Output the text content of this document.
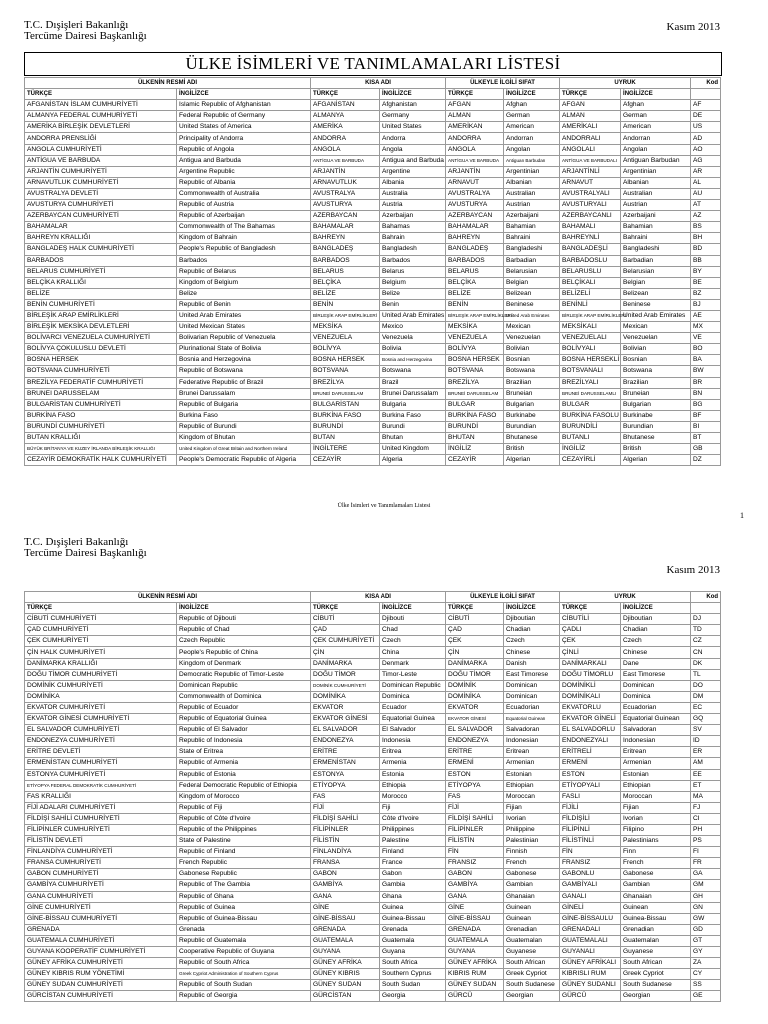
T.C. Dışişleri Bakanlığı
Tercüme Dairesi Başkanlığı
Kasım 2013
ÜLKE İSİMLERİ VE TANIMLAMALARI LİSTESİ
ÜLKENİN RESMİ ADI		KISA ADI		ÜLKEYLE İLGİLİ SIFAT		UYRUK		Kod
TÜRKÇE	İNGİLİZCE	TÜRKÇE	İNGİLİZCE	TÜRKÇE	İNGİLİZCE	TÜRKÇE	İNGİLİZCE	
AFGANİSTAN İSLAM CUMHURİYETİ	Islamic Republic of Afghanistan	AFGANİSTAN	Afghanistan	AFGAN	Afghan	AFGAN	Afghan	AF
ALMANYA FEDERAL CUMHURİYETİ	Federal Republic of Germany	ALMANYA	Germany	ALMAN	German	ALMAN	German	DE
AMERİKA BİRLEŞİK DEVLETLERİ	United States of America	AMERİKA	United States	AMERİKAN	American	AMERİKALI	American	US
ANDORRA PRENSLİĞİ	Principality of Andorra	ANDORRA	Andorra	ANDORRA	Andorran	ANDORRALI	Andorran	AD
ANGOLA CUMHURİYETİ	Republic of Angola	ANGOLA	Angola	ANGOLA	Angolan	ANGOLALI	Angolan	AO
ANTİGUA VE BARBUDA	Antigua and Barbuda	ANTİGUA VE BARBUDA	Antigua and Barbuda	ANTİGUA VE BARBUDA	Antiguan Barbudan	ANTİGUA VE BARBUDALI	Antiguan Barbudan	AG
ARJANTİN CUMHURİYETİ	Argentine Republic	ARJANTİN	Argentine	ARJANTİN	Argentinian	ARJANTİNLİ	Argentinian	AR
ARNAVUTLUK CUMHURİYETİ	Republic of Albania	ARNAVUTLUK	Albania	ARNAVUT	Albanian	ARNAVUT	Albanian	AL
AVUSTRALYA DEVLETİ	Commonwealth of Australia	AVUSTRALYA	Australia	AVUSTRALYA	Australian	AVUSTRALYALI	Australian	AU
AVUSTURYA CUMHURİYETİ	Republic of Austria	AVUSTURYA	Austria	AVUSTURYA	Austrian	AVUSTURYALI	Austrian	AT
AZERBAYCAN CUMHURİYETİ	Republic of Azerbaijan	AZERBAYCAN	Azerbaijan	AZERBAYCAN	Azerbaijani	AZERBAYCANLI	Azerbaijani	AZ
BAHAMALAR	Commonwealth of The Bahamas	BAHAMALAR	Bahamas	BAHAMALAR	Bahamian	BAHAMALI	Bahamian	BS
BAHREYN KRALLIĞI	Kingdom of Bahrain	BAHREYN	Bahrain	BAHREYN	Bahraini	BAHREYNLİ	Bahraini	BH
BANGLADEŞ HALK CUMHURİYETİ	People's Republic of Bangladesh	BANGLADEŞ	Bangladesh	BANGLADEŞ	Bangladeshi	BANGLADEŞLİ	Bangladeshi	BD
BARBADOS	Barbados	BARBADOS	Barbados	BARBADOS	Barbadian	BARBADOSLU	Barbadian	BB
BELARUS CUMHURİYETİ	Republic of Belarus	BELARUS	Belarus	BELARUS	Belarusian	BELARUSLU	Belarusian	BY
BELÇİKA KRALLIĞI	Kingdom of Belgium	BELÇİKA	Belgium	BELÇİKA	Belgian	BELÇİKALI	Belgian	BE
BELİZE	Belize	BELİZE	Belize	BELİZE	Belizean	BELİZELİ	Belizean	BZ
BENİN CUMHURİYETİ	Republic of Benin	BENİN	Benin	BENİN	Beninese	BENİNLİ	Beninese	BJ
BİRLEŞİK ARAP EMİRLİKLERİ	United Arab Emirates	BİRLEŞİK ARAP EMİRLİKLERİ	United Arab Emirates	BİRLEŞİK ARAP EMİRLİKLERİ	United Arab Emirates	BİRLEŞİK ARAP EMİRLİKLERİ	United Arab Emirates	AE
BİRLEŞİK MEKSİKA DEVLETLERİ	United Mexican States	MEKSİKA	Mexico	MEKSİKA	Mexican	MEKSİKALI	Mexican	MX
BOLİVARCI VENEZUELA CUMHURİYETİ	Bolivarian Republic of Venezuela	VENEZUELA	Venezuela	VENEZUELA	Venezuelan	VENEZUELALI	Venezuelan	VE
BOLİVYA ÇOKULUSLU DEVLETİ	Plurinational State of Bolivia	BOLİVYA	Bolivia	BOLİVYA	Bolivian	BOLİVYALI	Bolivian	BO
BOSNA HERSEK	Bosnia and Herzegovina	BOSNA HERSEK	Bosnia and Herzegovina	BOSNA HERSEK	Bosnian	BOSNA HERSEKLİ	Bosnian	BA
BOTSVANA CUMHURİYETİ	Republic of Botswana	BOTSVANA	Botswana	BOTSVANA	Botswana	BOTSVANALI	Botswana	BW
BREZİLYA FEDERATİF CUMHURİYETİ	Federative Republic of Brazil	BREZİLYA	Brazil	BREZİLYA	Brazilian	BREZİLYALI	Brazilian	BR
BRUNEI DARUSSELAM	Brunei Darussalam	BRUNEİ DARUSSELAM	Brunei Darussalam	BRUNEİ DARUSSELAM	Bruneian	BRUNEİ DARUSSELAMLI	Bruneian	BN
BULGARİSTAN CUMHURİYETİ	Republic of Bulgaria	BULGARİSTAN	Bulgaria	BULGAR	Bulgarian	BULGAR	Bulgarian	BG
BURKİNA FASO	Burkina Faso	BURKİNA FASO	Burkina Faso	BURKİNA FASO	Burkinabe	BURKİNA FASOLU	Burkinabe	BF
BURUNDİ CUMHURİYETİ	Republic of Burundi	BURUNDİ	Burundi	BURUNDİ	Burundian	BURUNDİLİ	Burundian	BI
BUTAN KRALLIĞI	Kingdom of Bhutan	BUTAN	Bhutan	BHUTAN	Bhutanese	BUTANLI	Bhutanese	BT
BÜYÜK BRİTANYA VE KUZEY İRLANDA BİRLEŞİK KRALLIĞI	United Kingdom of Great Britain and Northern Ireland	İNGİLTERE	United Kingdom	İNGİLİZ	British	İNGİLİZ	British	GB
CEZAYİR DEMOKRATİK HALK CUMHURİYETİ	People's Democratic Republic of Algeria	CEZAYİR	Algeria	CEZAYİR	Algerian	CEZAYİRLİ	Algerian	DZ
Ülke İsimleri ve Tanımlamaları Listesi
1
T.C. Dışişleri Bakanlığı
Tercüme Dairesi Başkanlığı
Kasım 2013
ÜLKENİN RESMİ ADI		KISA ADI		ÜLKEYLE İLGİLİ SIFAT		UYRUK		Kod
TÜRKÇE	İNGİLİZCE	TÜRKÇE	İNGİLİZCE	TÜRKÇE	İNGİLİZCE	TÜRKÇE	İNGİLİZCE	
CİBUTİ CUMHURİYETİ	Republic of Djibouti	CİBUTİ	Djibouti	CİBUTİ	Djiboutian	CİBUTİLİ	Djiboutian	DJ
ÇAD CUMHURİYETİ	Republic of Chad	ÇAD	Chad	ÇAD	Chadian	ÇADLI	Chadian	TD
ÇEK CUMHURİYETİ	Czech Republic	ÇEK CUMHURİYETİ	Czech	ÇEK	Czech	ÇEK	Czech	CZ
ÇİN HALK CUMHURİYETİ	People's Republic of China	ÇİN	China	ÇİN	Chinese	ÇİNLİ	Chinese	CN
DANİMARKA KRALLIĞI	Kingdom of Denmark	DANİMARKA	Denmark	DANİMARKA	Danish	DANİMARKALI	Dane	DK
DOĞU TİMOR CUMHURİYETİ	Democratic Republic of Timor-Leste	DOĞU TİMOR	Timor-Leste	DOĞU TİMOR	East Timorese	DOĞU TİMORLU	East Timorese	TL
DOMİNİK CUMHURİYETİ	Dominican Republic	DOMİNİK CUMHURİYETİ	Dominican Republic	DOMİNİK	Dominican	DOMİNİKLİ	Dominican	DO
DOMİNİKA	Commonwealth of Dominica	DOMİNİKA	Dominica	DOMİNİKA	Dominican	DOMİNİKALI	Dominica	DM
EKVATOR CUMHURİYETİ	Republic of Ecuador	EKVATOR	Ecuador	EKVATOR	Ecuadorian	EKVATORLU	Ecuadorian	EC
EKVATOR GİNESİ CUMHURİYETİ	Republic of Equatorial Guinea	EKVATOR GİNESİ	Equatorial Guinea	EKVATOR GİNESİ	Equatorial Guinean	EKVATOR GİNELİ	Equatorial Guinean	GQ
EL SALVADOR CUMHURİYETİ	Republic of El Salvador	EL SALVADOR	El Salvador	EL SALVADOR	Salvadoran	EL SALVADORLU	Salvadoran	SV
ENDONEZYA CUMHURİYETİ	Republic of Indonesia	ENDONEZYA	Indonesia	ENDONEZYA	Indonesian	ENDONEZYALI	Indonesian	ID
ERİTRE DEVLETİ	State of Eritrea	ERİTRE	Eritrea	ERİTRE	Eritrean	ERİTRELİ	Eritrean	ER
ERMENİSTAN CUMHURİYETİ	Republic of Armenia	ERMENİSTAN	Armenia	ERMENİ	Armenian	ERMENİ	Armenian	AM
ESTONYA CUMHURİYETİ	Republic of Estonia	ESTONYA	Estonia	ESTON	Estonian	ESTON	Estonian	EE
ETİYOPYA FEDERAL DEMOKRATİK CUMHURİYETİ	Federal Democratic Republic of Ethiopia	ETİYOPYA	Ethiopia	ETİYOPYA	Ethiopian	ETİYOPYALI	Ethiopian	ET
FAS KRALLIĞI	Kingdom of Morocco	FAS	Morocco	FAS	Moroccan	FASLI	Moroccan	MA
FİJİ ADALARI CUMHURİYETİ	Republic of Fiji	FİJİ	Fiji	FİJİ	Fijian	FİJİLİ	Fijian	FJ
FİLDİŞİ SAHİLİ CUMHURİYETİ	Republic of Côte d'Ivoire	FİLDİŞİ SAHİLİ	Côte d'Ivoire	FİLDİŞİ SAHİLİ	Ivorian	FİLDİŞİLİ	Ivorian	CI
FİLİPİNLER CUMHURİYETİ	Republic of the Philippines	FİLİPİNLER	Philippines	FİLİPİNLER	Philippine	FİLİPİNLİ	Filipino	PH
FİLİSTİN DEVLETİ	State of Palestine	FİLİSTİN	Palestine	FİLİSTİN	Palestinian	FİLİSTİNLİ	Palestinians	PS
FİNLANDİYA CUMHURİYETİ	Republic of Finland	FİNLANDİYA	Finland	FİN	Finnish	FİN	Finn	FI
FRANSA CUMHURİYETİ	French Republic	FRANSA	France	FRANSIZ	French	FRANSIZ	French	FR
GABON CUMHURİYETİ	Gabonese Republic	GABON	Gabon	GABON	Gabonese	GABONLU	Gabonese	GA
GAMBİYA CUMHURİYETİ	Republic of The Gambia	GAMBİYA	Gambia	GAMBİYA	Gambian	GAMBİYALI	Gambian	GM
GANA CUMHURİYETİ	Republic of Ghana	GANA	Ghana	GANA	Ghanaian	GANALI	Ghanaian	GH
GİNE CUMHURİYETİ	Republic of Guinea	GİNE	Guinea	GİNE	Guinean	GİNELİ	Guinean	GN
GİNE-BİSSAU CUMHURİYETİ	Republic of Guinea-Bissau	GİNE-BİSSAU	Guinea-Bissau	GİNE-BİSSAU	Guinean	GİNE-BİSSAULU	Guinea-Bissau	GW
GRENADA	Grenada	GRENADA	Grenada	GRENADA	Grenadian	GRENADALI	Grenadian	GD
GUATEMALA CUMHURİYETİ	Republic of Guatemala	GUATEMALA	Guatemala	GUATEMALA	Guatemalan	GUATEMALALI	Guatemalan	GT
GUYANA KOOPERATİF CUMHURİYETİ	Cooperative Republic of Guyana	GUYANA	Guyana	GUYANA	Guyanese	GUYANALI	Guyanese	GY
GÜNEY AFRİKA CUMHURİYETİ	Republic of South Africa	GÜNEY AFRİKA	South Africa	GÜNEY AFRİKA	South African	GÜNEY AFRİKALI	South African	ZA
GÜNEY KIBRIS RUM YÖNETİMİ	Greek Cypriot Administration of Southern Cyprus	GÜNEY KIBRIS	Southern Cyprus	KIBRIS RUM	Greek Cypriot	KIBRISLI RUM	Greek Cypriot	CY
GÜNEY SUDAN CUMHURİYETİ	Republic of South Sudan	GÜNEY SUDAN	South Sudan	GÜNEY SUDAN	South Sudanese	GÜNEY SUDANLI	South Sudanese	SS
GÜRCİSTAN CUMHURİYETİ	Republic of Georgia	GÜRCİSTAN	Georgia	GÜRCÜ	Georgian	GÜRCÜ	Georgian	GE
